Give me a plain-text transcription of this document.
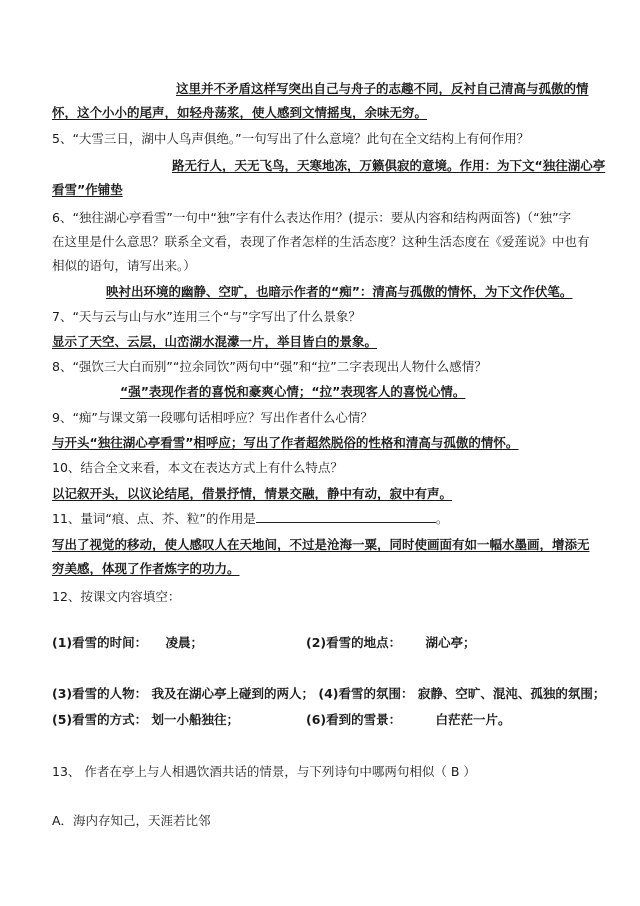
这里并不矛盾这样写突出自己与舟子的志趣不同，反衬自己清高与孤傲的情
怀，这个小小的尾声，如轻舟荡浆，使人感到文情摇曳，余味无穷。
5、“大雪三日，湖中人鸟声俱绝。”一句写出了什么意境？此句在全文结构上有何作用？
路无行人，天无飞鸟，天寒地冻，万籁俱寂的意境。作用：为下文“独往湖心亭
看雪”作铺垫
6、“独往湖心亭看雪”一句中“独”字有什么表达作用？(提示：要从内容和结构两面答)（“独”字
在这里是什么意思？联系全文看，表现了作者怎样的生活态度？这种生活态度在《爱莲说》中也有
相似的语句，请写出来。）
映衬出环境的幽静、空旷，也暗示作者的“痴”：清高与孤傲的情怀，为下文作伏笔。
7、“天与云与山与水”连用三个“与”字写出了什么景象？
显示了天空、云层，山峦湖水混濛一片，举目皆白的景象。
8、“强饮三大白而别”“拉余同饮”两句中“强”和“拉”二字表现出人物什么感情？
“强”表现作者的喜悦和豪爽心情；“拉”表现客人的喜悦心情。
9、“痴”与课文第一段哪句话相呼应？写出作者什么心情？
与开头“独往湖心亭看雪”相呼应；写出了作者超然脱俗的性格和清高与孤傲的情怀。
10、结合全文来看，本文在表达方式上有什么特点？
以记叙开头，以议论结尾，借景抒情，情景交融，静中有动，寂中有声。
11、量词“痕、点、芥、粒”的作用是	。
写出了视觉的移动，使人感叹人在天地间，不过是沧海一粟，同时使画面有如一幅水墨画，增添无
穷美感，体现了作者炼字的功力。
12、按课文内容填空：
(1)看雪的时间： 凌晨；	(2)看雪的地点： 湖心亭；
(3)看雪的人物： 我及在湖心亭上碰到的两人； (4)看雪的氛围： 寂静、空旷、混沌、孤独的氛围；
(5)看雪的方式： 划一小船独往；	(6)看到的雪景：	白茫茫一片。
13、 作者在亭上与人相遇饮酒共话的情景，与下列诗句中哪两句相似（ B ）
A．海内存知己，天涯若比邻
